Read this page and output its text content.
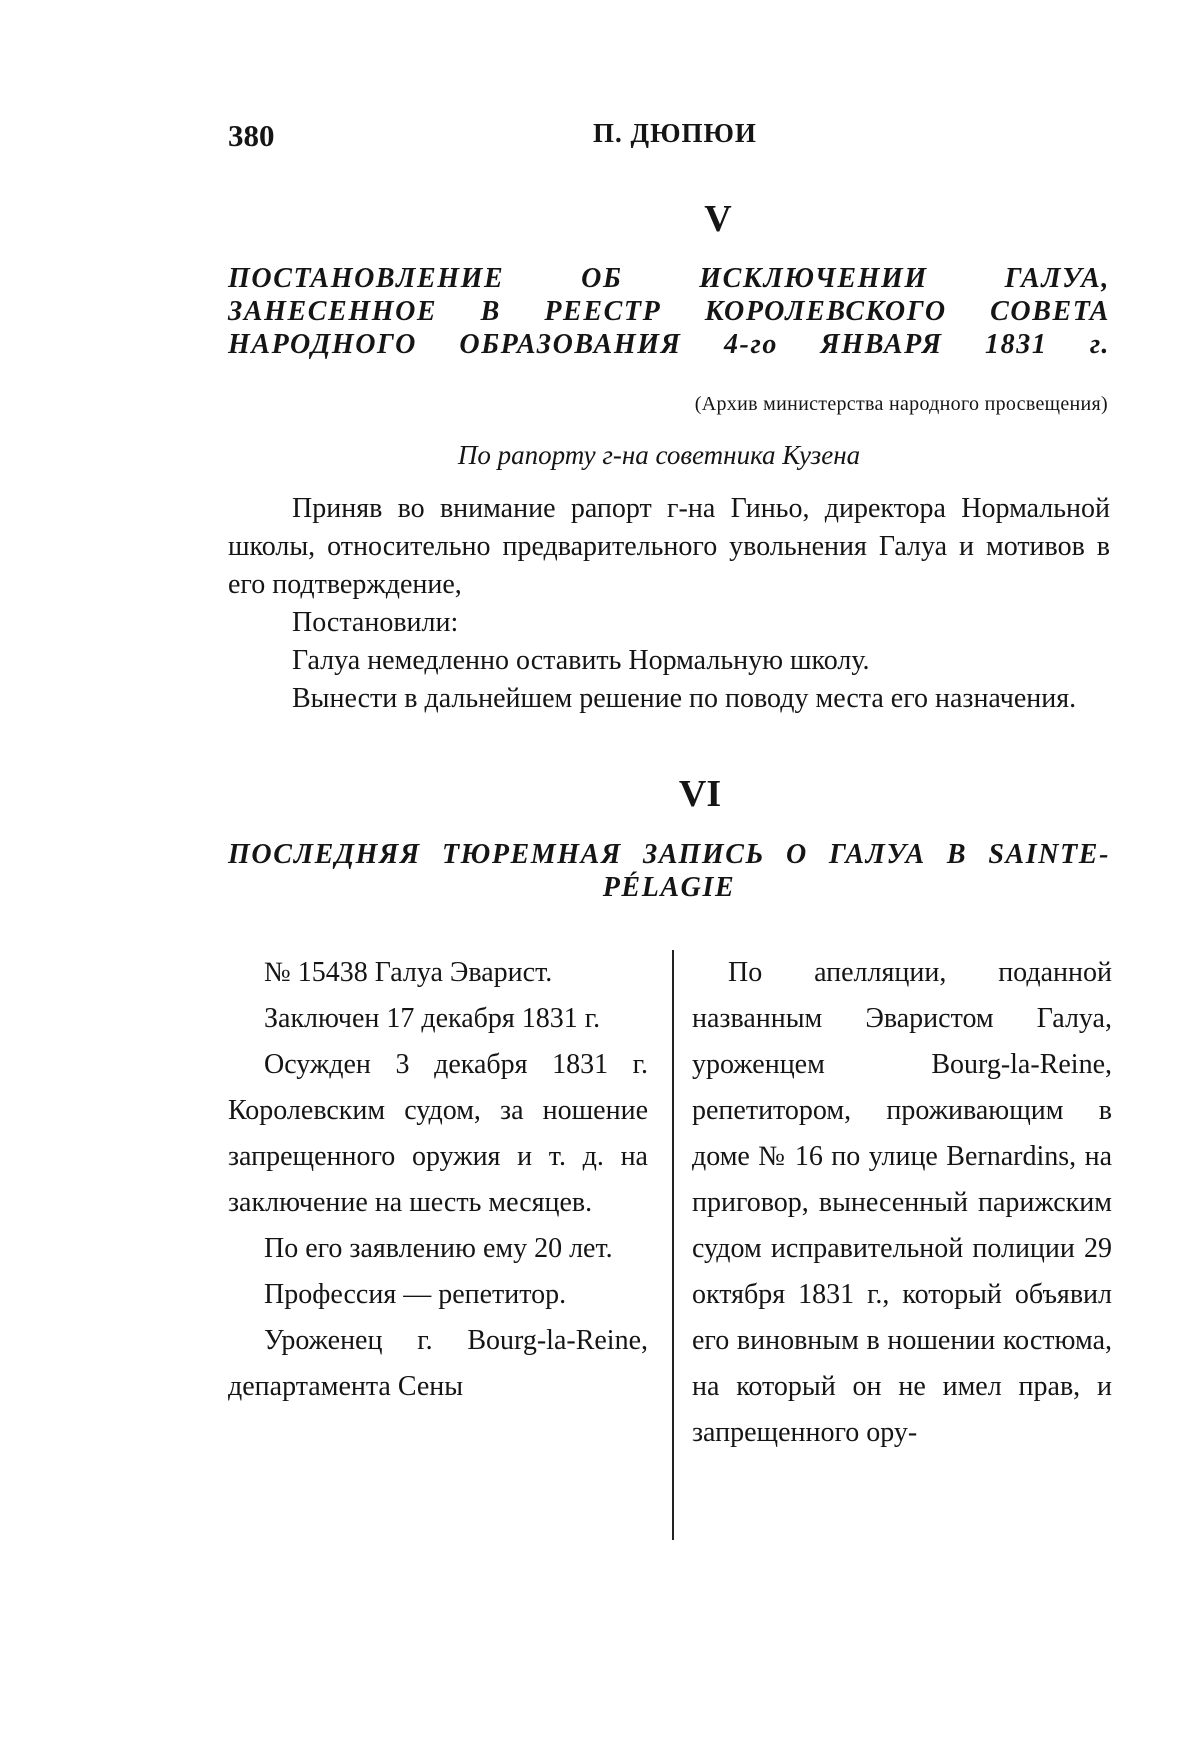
380	П. ДЮПЮИ
V
ПОСТАНОВЛЕНИЕ ОБ ИСКЛЮЧЕНИИ ГАЛУА, ЗАНЕСЕННОЕ В РЕЕСТР КОРОЛЕВСКОГО СОВЕТА НАРОДНОГО ОБРАЗОВАНИЯ 4-го ЯНВАРЯ 1831 г.
(Архив министерства народного просвещения)
По рапорту г-на советника Кузена

Приняв во внимание рапорт г-на Гиньо, директора Нормальной школы, относительно предварительного увольнения Галуа и мотивов в его подтверждение,

Постановили:

Галуа немедленно оставить Нормальную школу.

Вынести в дальнейшем решение по поводу места его назначения.

VI
ПОСЛЕДНЯЯ ТЮРЕМНАЯ ЗАПИСЬ О ГАЛУА В SAINTE-PÉLAGIE

№ 15438 Галуа Эварист.

Заключен 17 декабря 1831 г.

Осужден 3 декабря 1831 г. Королевским судом, за ношение запрещенного оружия и т. д. на заключение на шесть месяцев.

По его заявлению ему 20 лет.

Профессия — репетитор.

Уроженец г. Bourg-la-Reine, департамента Сены

По апелляции, поданной названным Эваристом Галуа, уроженцем Bourg-la-Reine, репетитором, проживающим в доме № 16 по улице Bernardins, на приговор, вынесенный парижским судом исправительной полиции 29 октября 1831 г., который объявил его виновным в ношении костюма, на который он не имел прав, и запрещенного ору-
